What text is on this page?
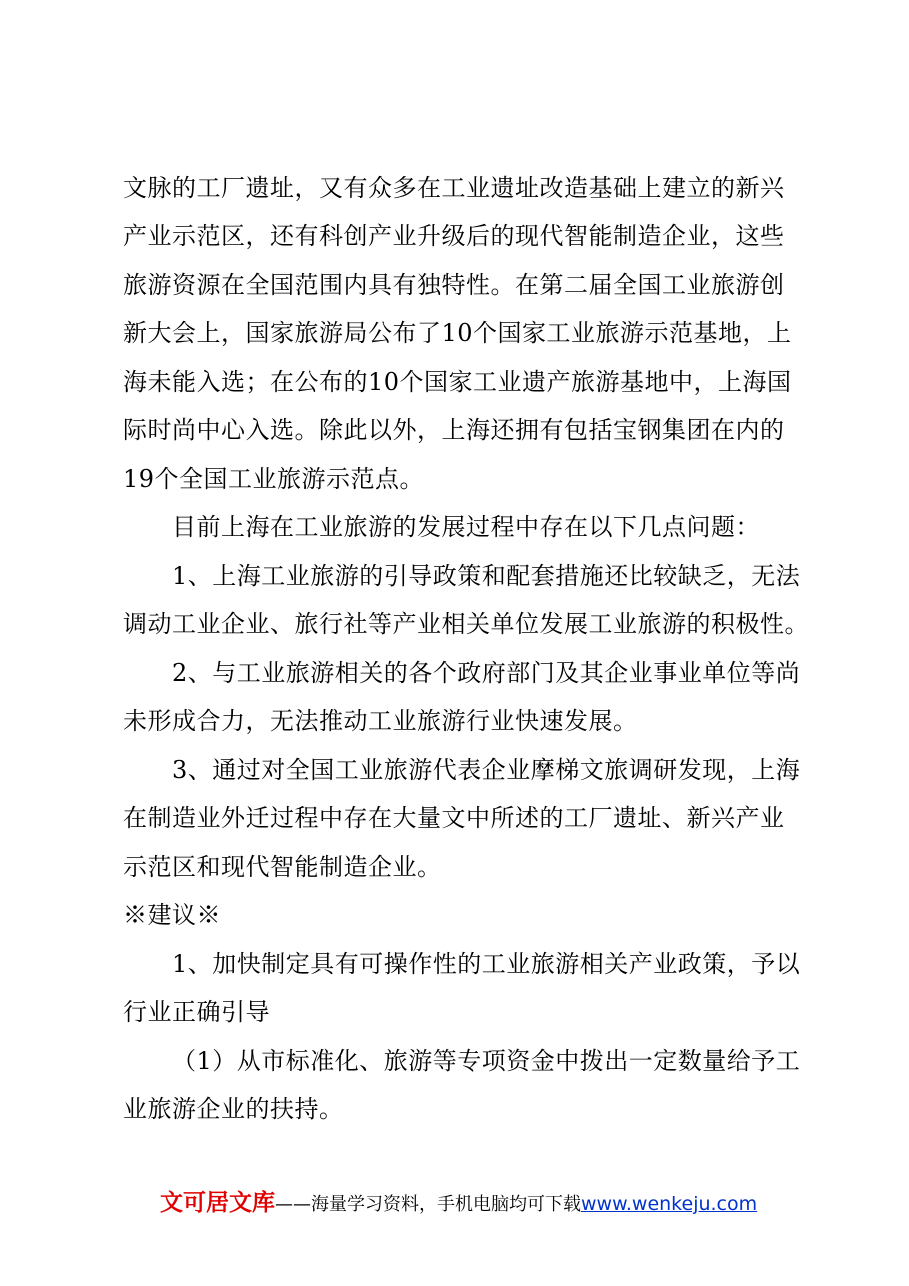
文脉的工厂遗址，又有众多在工业遗址改造基础上建立的新兴
产业示范区，还有科创产业升级后的现代智能制造企业，这些
旅游资源在全国范围内具有独特性。在第二届全国工业旅游创
新大会上，国家旅游局公布了10个国家工业旅游示范基地，上
海未能入选；在公布的10个国家工业遗产旅游基地中，上海国
际时尚中心入选。除此以外，上海还拥有包括宝钢集团在内的
19个全国工业旅游示范点。
目前上海在工业旅游的发展过程中存在以下几点问题：
1、上海工业旅游的引导政策和配套措施还比较缺乏，无法
调动工业企业、旅行社等产业相关单位发展工业旅游的积极性。
2、与工业旅游相关的各个政府部门及其企业事业单位等尚
未形成合力，无法推动工业旅游行业快速发展。
3、通过对全国工业旅游代表企业摩梯文旅调研发现，上海
在制造业外迁过程中存在大量文中所述的工厂遗址、新兴产业
示范区和现代智能制造企业。
※建议※
1、加快制定具有可操作性的工业旅游相关产业政策，予以
行业正确引导
（1）从市标准化、旅游等专项资金中拨出一定数量给予工
业旅游企业的扶持。
文可居文库——海量学习资料，手机电脑均可下载www.wenkeju.com
